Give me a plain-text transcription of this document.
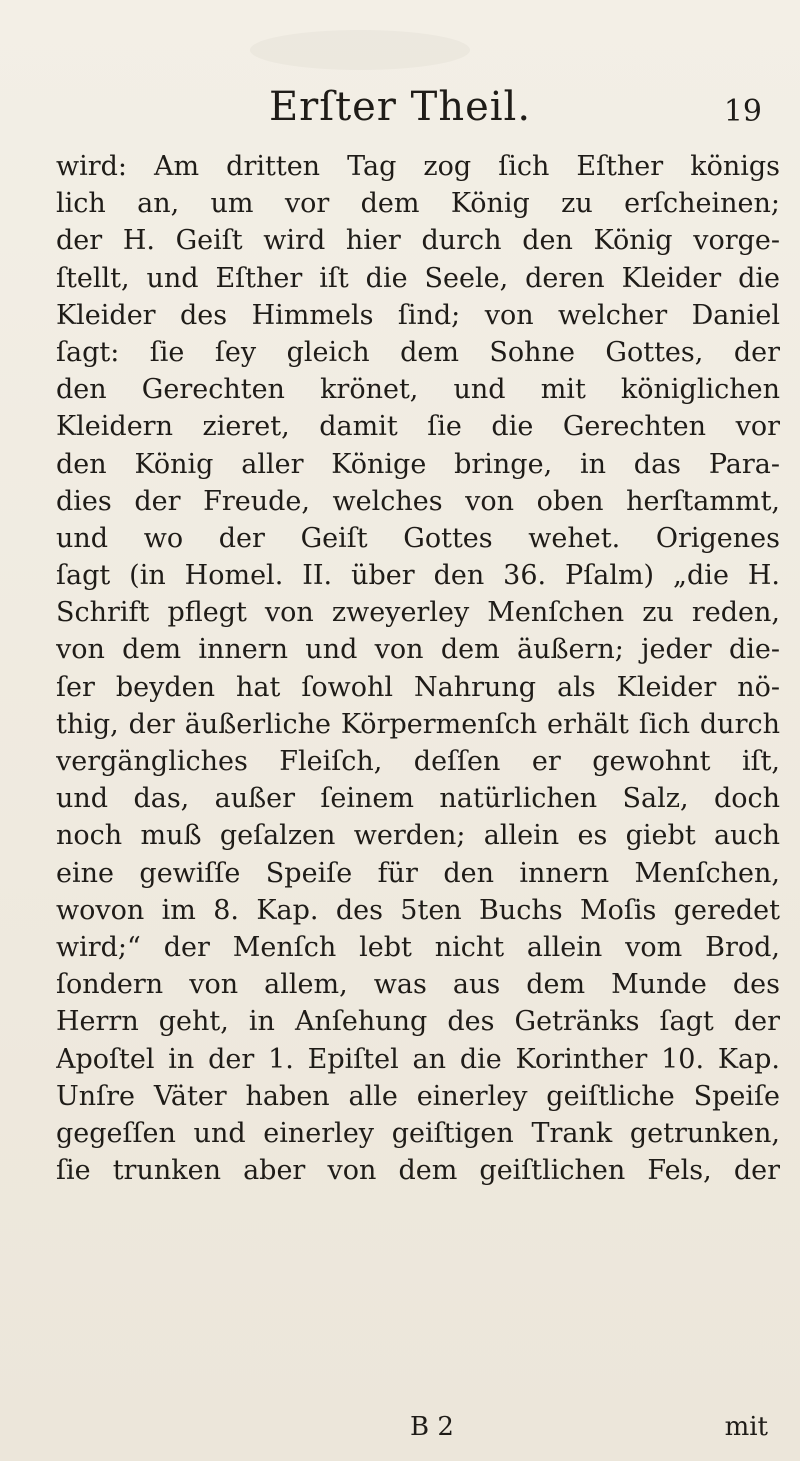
Erſter Theil.	19
wird: Am dritten Tag zog ſich Eſther königs
lich an, um vor dem König zu erſcheinen;
der H. Geiſt wird hier durch den König vorge-
ſtellt, und Eſther iſt die Seele, deren Kleider die
Kleider des Himmels ſind; von welcher Daniel
ſagt: ſie ſey gleich dem Sohne Gottes, der
den Gerechten krönet, und mit königlichen
Kleidern zieret, damit ſie die Gerechten vor
den König aller Könige bringe, in das Para-
dies der Freude, welches von oben herſtammt,
und wo der Geiſt Gottes wehet. Origenes
ſagt (in Homel. II. über den 36. Pſalm) „die H.
Schrift pflegt von zweyerley Menſchen zu reden,
von dem innern und von dem äußern; jeder die-
ſer beyden hat ſowohl Nahrung als Kleider nö-
thig, der äußerliche Körpermenſch erhält ſich durch
vergängliches Fleiſch, deſſen er gewohnt iſt,
und das, außer ſeinem natürlichen Salz, doch
noch muß geſalzen werden; allein es giebt auch
eine gewiſſe Speiſe für den innern Menſchen,
wovon im 8. Kap. des 5ten Buchs Moſis geredet
wird;“ der Menſch lebt nicht allein vom Brod,
ſondern von allem, was aus dem Munde des
Herrn geht, in Anſehung des Getränks ſagt der
Apoſtel in der 1. Epiſtel an die Korinther 10. Kap.
Unſre Väter haben alle einerley geiſtliche Speiſe
gegeſſen und einerley geiſtigen Trank getrunken,
ſie trunken aber von dem geiſtlichen Fels, der
B 2	mit
